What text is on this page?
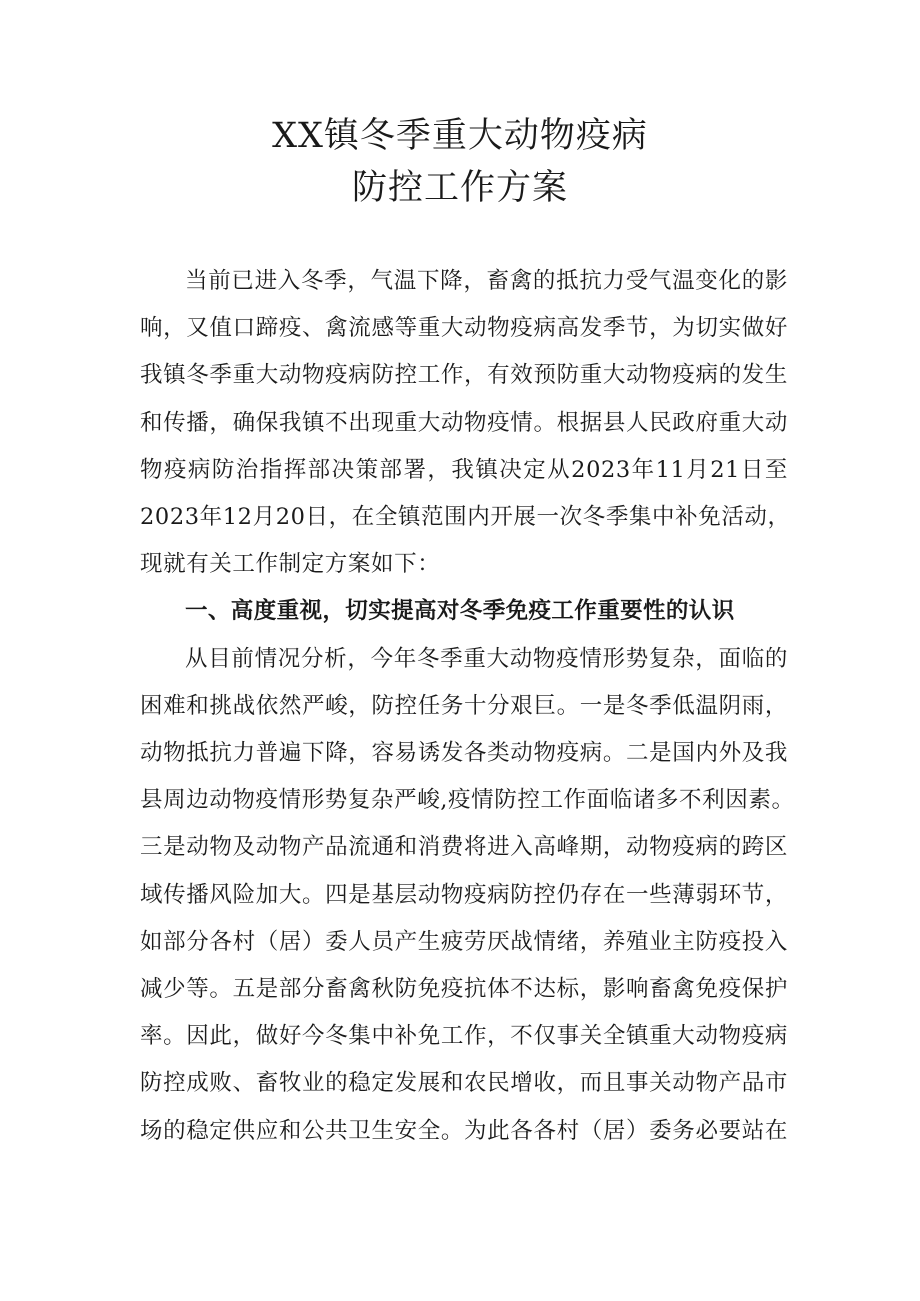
XX镇冬季重大动物疫病
防控工作方案
当前已进入冬季，气温下降，畜禽的抵抗力受气温变化的影
响，又值口蹄疫、禽流感等重大动物疫病高发季节，为切实做好
我镇冬季重大动物疫病防控工作，有效预防重大动物疫病的发生
和传播，确保我镇不出现重大动物疫情。根据县人民政府重大动
物疫病防治指挥部决策部署，我镇决定从2023年11月21日至
2023年12月20日，在全镇范围内开展一次冬季集中补免活动，
现就有关工作制定方案如下：
一、高度重视，切实提高对冬季免疫工作重要性的认识
从目前情况分析，今年冬季重大动物疫情形势复杂，面临的
困难和挑战依然严峻，防控任务十分艰巨。一是冬季低温阴雨，
动物抵抗力普遍下降，容易诱发各类动物疫病。二是国内外及我
县周边动物疫情形势复杂严峻,疫情防控工作面临诸多不利因素。
三是动物及动物产品流通和消费将进入高峰期，动物疫病的跨区
域传播风险加大。四是基层动物疫病防控仍存在一些薄弱环节，
如部分各村（居）委人员产生疲劳厌战情绪，养殖业主防疫投入
减少等。五是部分畜禽秋防免疫抗体不达标，影响畜禽免疫保护
率。因此，做好今冬集中补免工作，不仅事关全镇重大动物疫病
防控成败、畜牧业的稳定发展和农民增收，而且事关动物产品市
场的稳定供应和公共卫生安全。为此各各村（居）委务必要站在
